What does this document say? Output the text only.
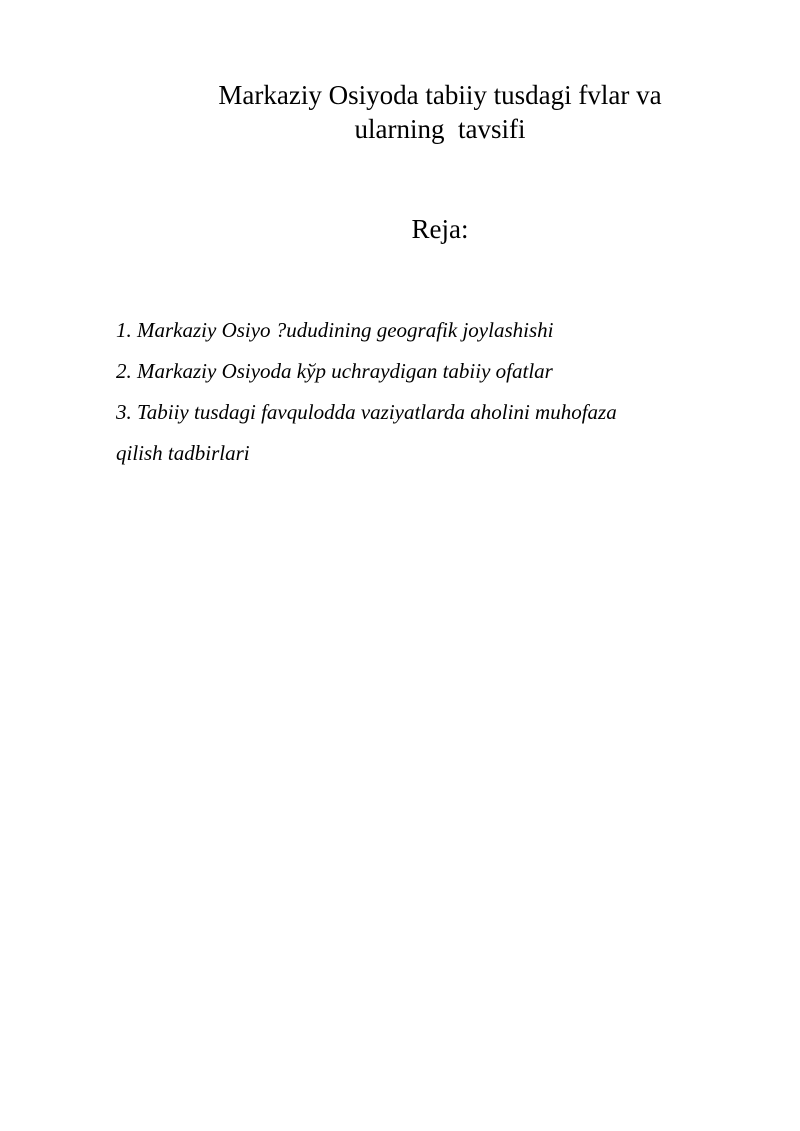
Markaziy Osiyoda tabiiy tusdagi fvlar va
ularning  tavsifi
Reja:
1. Markaziy Osiyo ?ududining geografik joylashishi
2. Markaziy Osiyoda kўp uchraydigan tabiiy ofatlar
3. Tabiiy tusdagi favqulodda vaziyatlarda aholini muhofaza
qilish tadbirlari
